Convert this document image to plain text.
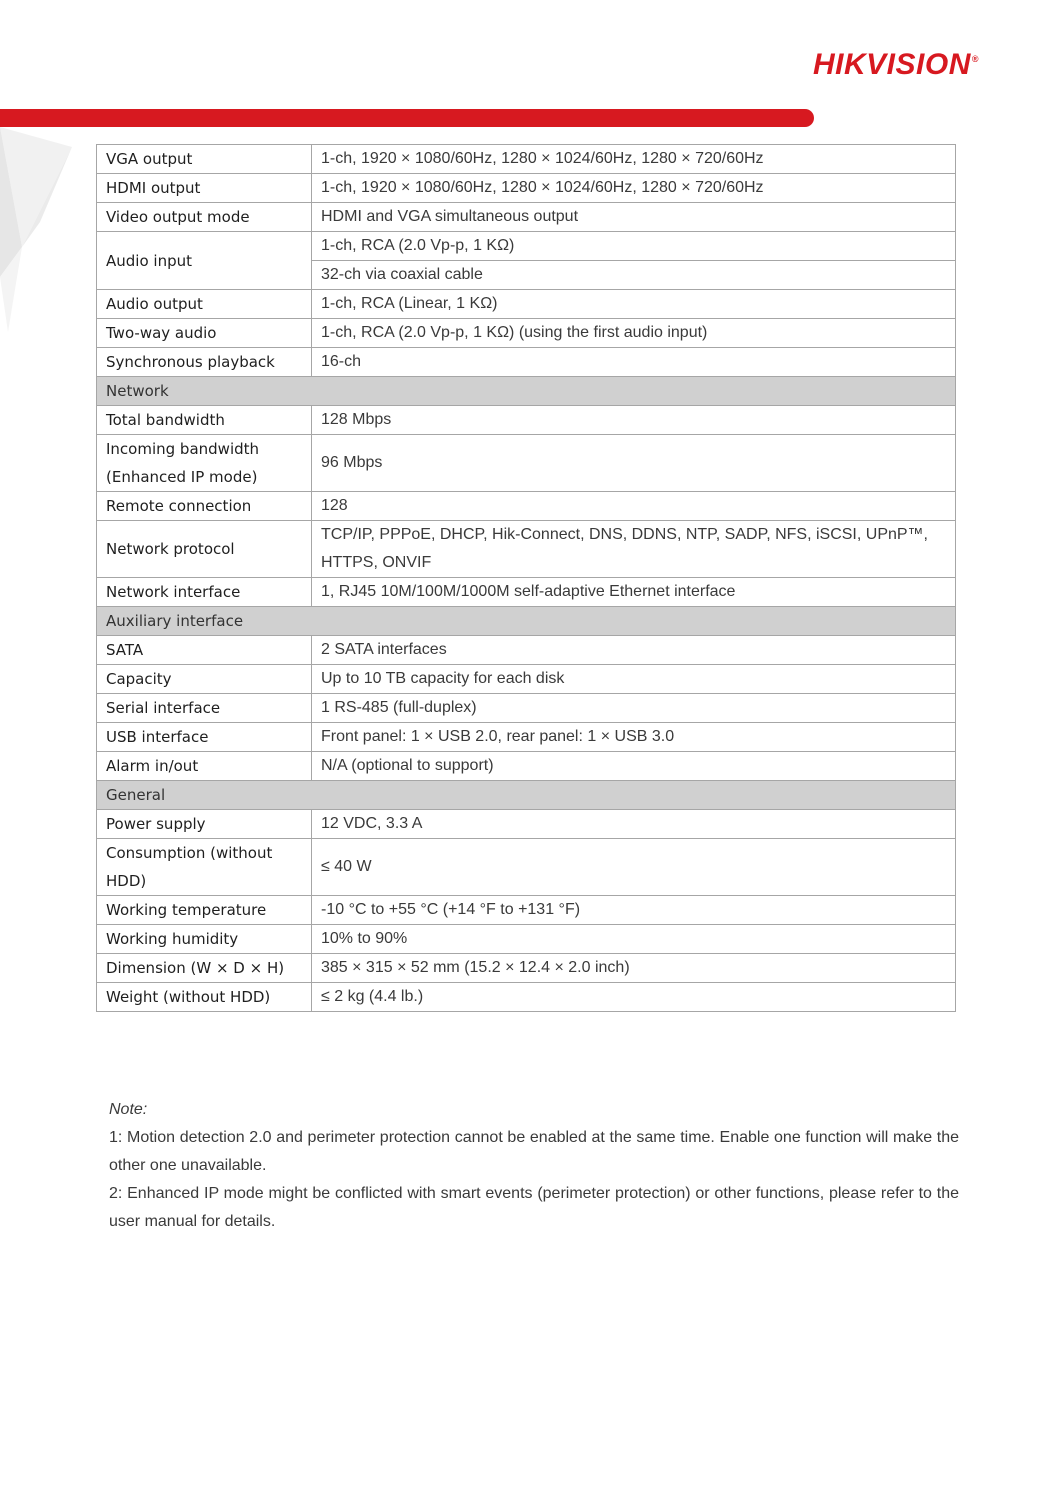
HIKVISION®
VGA output	1-ch, 1920 × 1080/60Hz, 1280 × 1024/60Hz, 1280 × 720/60Hz
HDMI output	1-ch, 1920 × 1080/60Hz, 1280 × 1024/60Hz, 1280 × 720/60Hz
Video output mode	HDMI and VGA simultaneous output
Audio input	1-ch, RCA (2.0 Vp-p, 1 KΩ)
	32-ch via coaxial cable
Audio output	1-ch, RCA (Linear, 1 KΩ)
Two-way audio	1-ch, RCA (2.0 Vp-p, 1 KΩ) (using the first audio input)
Synchronous playback	16-ch
Network	
Total bandwidth	128 Mbps
Incoming bandwidth (Enhanced IP mode)	96 Mbps
Remote connection	128
Network protocol	TCP/IP, PPPoE, DHCP, Hik-Connect, DNS, DDNS, NTP, SADP, NFS, iSCSI, UPnP™, HTTPS, ONVIF
Network interface	1, RJ45 10M/100M/1000M self-adaptive Ethernet interface
Auxiliary interface	
SATA	2 SATA interfaces
Capacity	Up to 10 TB capacity for each disk
Serial interface	1 RS-485 (full-duplex)
USB interface	Front panel: 1 × USB 2.0, rear panel: 1 × USB 3.0
Alarm in/out	N/A (optional to support)
General	
Power supply	12 VDC, 3.3 A
Consumption (without HDD)	≤ 40 W
Working temperature	-10 °C to +55 °C (+14 °F to +131 °F)
Working humidity	10% to 90%
Dimension (W × D × H)	385 × 315 × 52 mm (15.2 × 12.4 × 2.0 inch)
Weight (without HDD)	≤ 2 kg (4.4 lb.)
Note:

1: Motion detection 2.0 and perimeter protection cannot be enabled at the same time. Enable one function will make the other one unavailable.

2: Enhanced IP mode might be conflicted with smart events (perimeter protection) or other functions, please refer to the user manual for details.
